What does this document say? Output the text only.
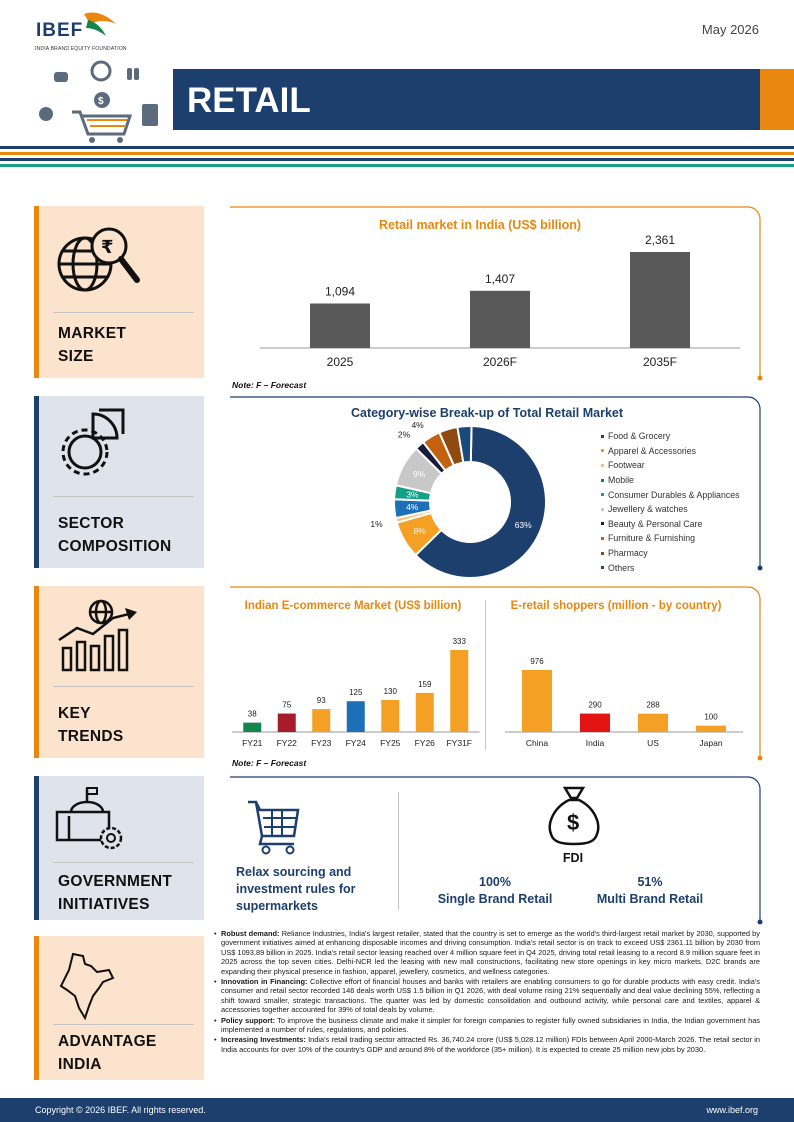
$
IBEF
INDIA BRAND EQUITY FOUNDATION
May 2026
RETAIL
₹
MARKET
SIZE
SECTOR
COMPOSITION
KEY
TRENDS
GOVERNMENT
INITIATIVES
ADVANTAGE
INDIA
Retail market in India (US$ billion)
1,094
2025
1,407
2026F
2,361
2035F
Note: F – Forecast
Category-wise Break-up of Total Retail Market
63%
8%
1%
4%
3%
9%
2%
4%
Food & Grocery
Apparel & Accessories
Footwear
Mobile
Consumer Durables & Appliances
Jewellery & watches
Beauty & Personal Care
Furniture & Furnishing
Pharmacy
Others
Indian E-commerce Market (US$ billion)
38
FY21
75
FY22
93
FY23
125
FY24
130
FY25
159
FY26
333
FY31F
E-retail shoppers (million - by country)
976
China
290
India
288
US
100
Japan
Note: F – Forecast
Relax sourcing and
investment rules for
supermarkets
$
FDI
100%
Single Brand Retail
51%
Multi Brand Retail
• Robust demand: Reliance Industries, India's largest retailer, stated that the country is set to emerge as the world's third-largest retail market by 2030, supported by government initiatives aimed at enhancing disposable incomes and driving consumption. India's retail sector is on track to exceed US$ 2361.11 billion by 2030 from US$ 1093.89 billion in 2025. India's retail sector leasing reached over 4 million square feet in Q4 2025, driving total retail leasing to a record 8.9 million square feet in 2025 across the top seven cities. Delhi-NCR led the leasing with new mall constructions, facilitating new store openings in key micro markets. D2C brands are expanding their physical presence in fashion, apparel, jewellery, cosmetics, and wellness categories.
• Innovation in Financing: Collective effort of financial houses and banks with retailers are enabling consumers to go for durable products with easy credit. India's consumer and retail sector recorded 146 deals worth US$ 1.5 billion in Q1 2026, with deal volume rising 21% sequentially and deal value declining 55%, reflecting a shift toward smaller, strategic transactions. The quarter was led by domestic consolidation and outbound activity, while personal care and textiles, apparel & accessories together accounted for 39% of total deals by volume.
• Policy support: To improve the business climate and make it simpler for foreign companies to register fully owned subsidiaries in India, the Indian government has implemented a number of rules, regulations, and policies.
• Increasing Investments: India's retail trading sector attracted Rs. 36,740.24 crore (US$ 5,028.12 million) FDIs between April 2000-March 2026. The retail sector in India accounts for over 10% of the country's GDP and around 8% of the workforce (35+ million). It is expected to create 25 million new jobs by 2030.
Copyright © 2026 IBEF. All rights reserved.	www.ibef.org
